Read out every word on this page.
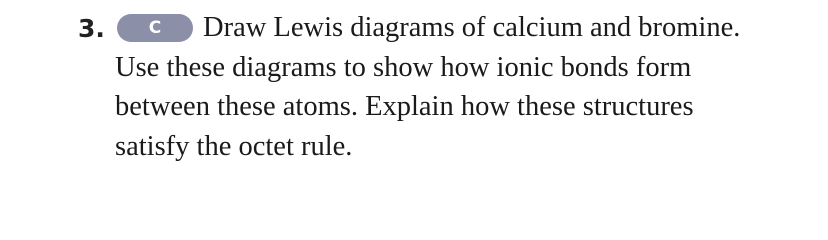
3.	C	Draw Lewis diagrams of calcium and bromine.
Use these diagrams to show how ionic bonds form
between these atoms. Explain how these structures
satisfy the octet rule.
